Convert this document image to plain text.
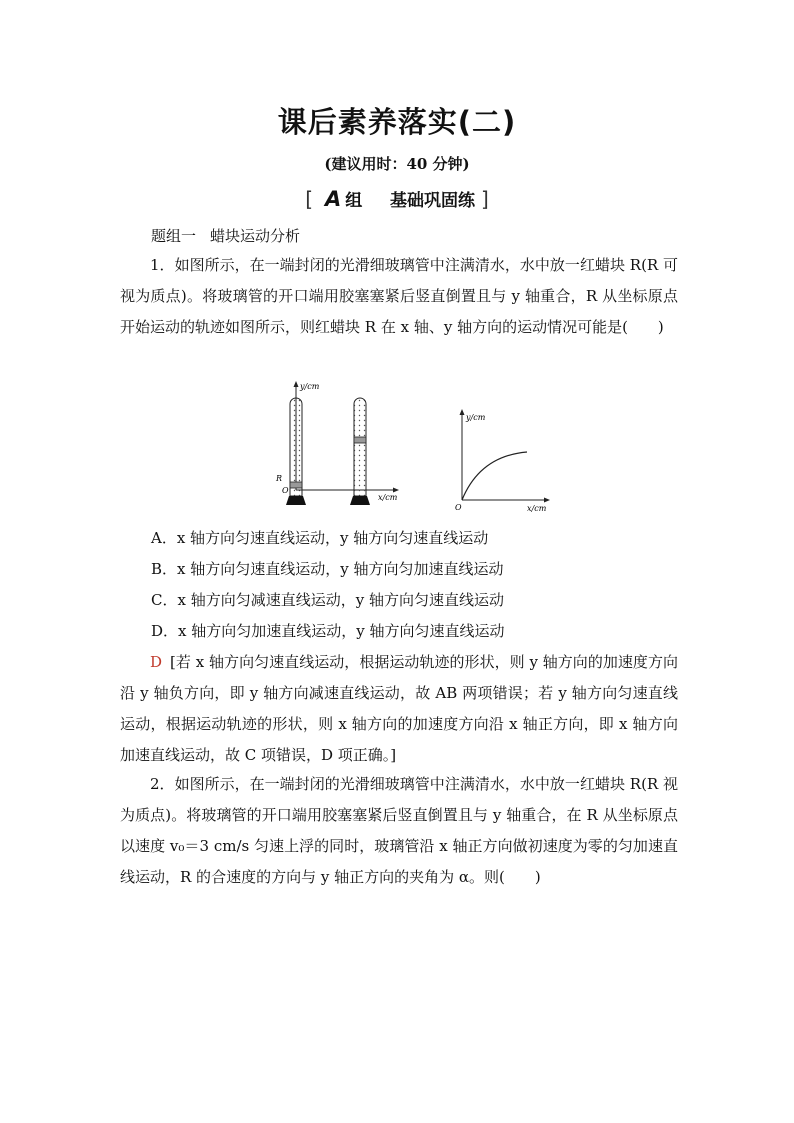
课后素养落实(二)
(建议用时：40 分钟)
[ A 组 基础巩固练 ]
题组一 蜡块运动分析

1．如图所示，在一端封闭的光滑细玻璃管中注满清水，水中放一红蜡块 R(R 可视为质点)。将玻璃管的开口端用胶塞塞紧后竖直倒置且与 y 轴重合，R 从坐标原点开始运动的轨迹如图所示，则红蜡块 R 在 x 轴、y 轴方向的运动情况可能是(　　)

y/cm
R
O
x/cm
y/cm
x/cm
O
A．x 轴方向匀速直线运动，y 轴方向匀速直线运动
B．x 轴方向匀速直线运动，y 轴方向匀加速直线运动
C．x 轴方向匀减速直线运动，y 轴方向匀速直线运动
D．x 轴方向匀加速直线运动，y 轴方向匀速直线运动

D [若 x 轴方向匀速直线运动，根据运动轨迹的形状，则 y 轴方向的加速度方向沿 y 轴负方向，即 y 轴方向减速直线运动，故 AB 两项错误；若 y 轴方向匀速直线运动，根据运动轨迹的形状，则 x 轴方向的加速度方向沿 x 轴正方向，即 x 轴方向加速直线运动，故 C 项错误，D 项正确。]

2．如图所示，在一端封闭的光滑细玻璃管中注满清水，水中放一红蜡块 R(R 视为质点)。将玻璃管的开口端用胶塞塞紧后竖直倒置且与 y 轴重合，在 R 从坐标原点以速度 v₀＝3 cm/s 匀速上浮的同时，玻璃管沿 x 轴正方向做初速度为零的匀加速直线运动，R 的合速度的方向与 y 轴正方向的夹角为 α。则(　　)
